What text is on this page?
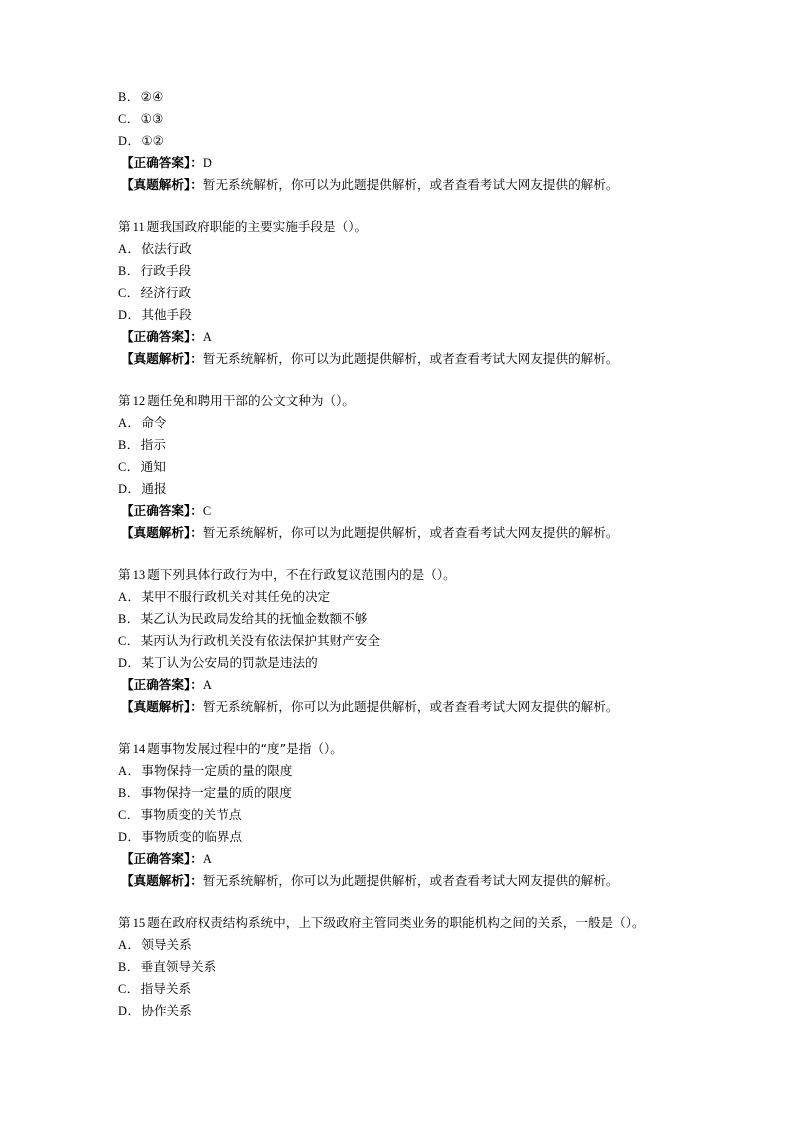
B．②④
C．①③
D．①②
【正确答案】：D
【真题解析】：暂无系统解析，你可以为此题提供解析，或者查看考试大网友提供的解析。
第 11 题我国政府职能的主要实施手段是（）。
A．依法行政
B．行政手段
C．经济行政
D．其他手段
【正确答案】：A
【真题解析】：暂无系统解析，你可以为此题提供解析，或者查看考试大网友提供的解析。
第 12 题任免和聘用干部的公文文种为（）。
A．命令
B．指示
C．通知
D．通报
【正确答案】：C
【真题解析】：暂无系统解析，你可以为此题提供解析，或者查看考试大网友提供的解析。
第 13 题下列具体行政行为中，不在行政复议范围内的是（）。
A．某甲不服行政机关对其任免的决定
B．某乙认为民政局发给其的抚恤金数额不够
C．某丙认为行政机关没有依法保护其财产安全
D．某丁认为公安局的罚款是违法的
【正确答案】：A
【真题解析】：暂无系统解析，你可以为此题提供解析，或者查看考试大网友提供的解析。
第 14 题事物发展过程中的“度”是指（）。
A．事物保持一定质的量的限度
B．事物保持一定量的质的限度
C．事物质变的关节点
D．事物质变的临界点
【正确答案】：A
【真题解析】：暂无系统解析，你可以为此题提供解析，或者查看考试大网友提供的解析。
第 15 题在政府权责结构系统中，上下级政府主管同类业务的职能机构之间的关系，一般是（）。
A．领导关系
B．垂直领导关系
C．指导关系
D．协作关系
